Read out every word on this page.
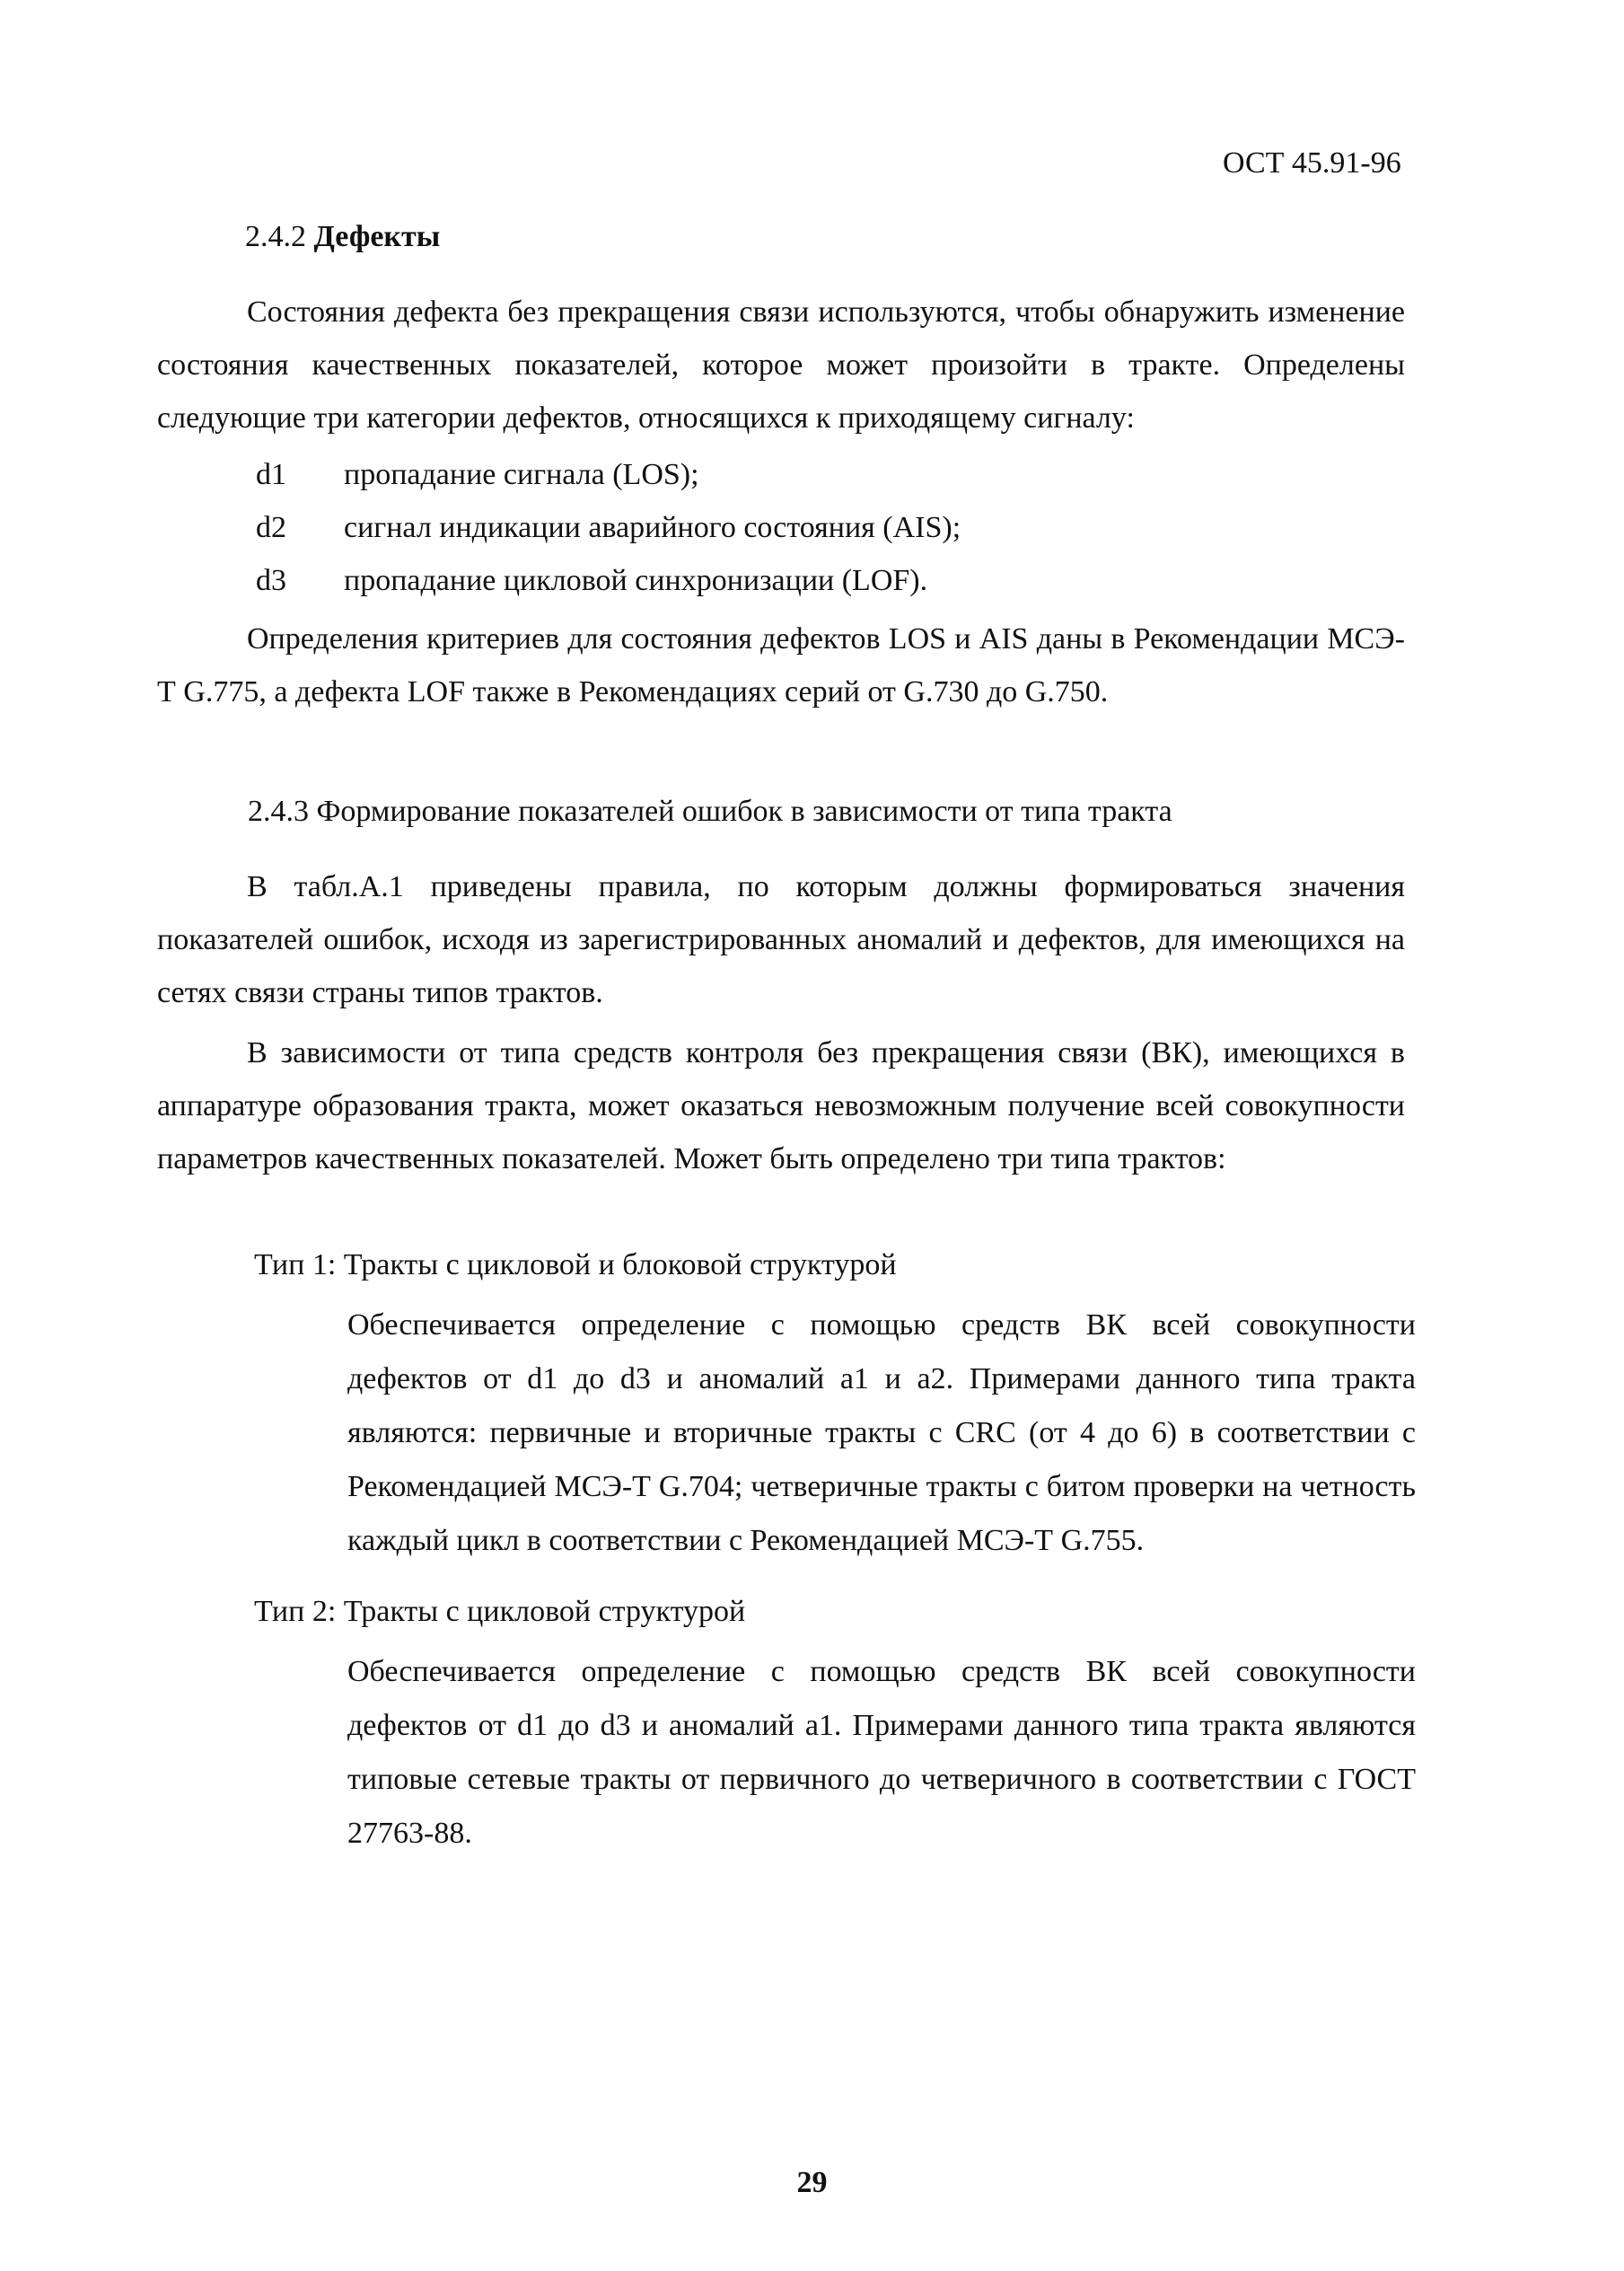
ОСТ 45.91-96
2.4.2 Дефекты
Состояния дефекта без прекращения связи используются, чтобы обнаружить изменение состояния качественных показателей, которое может произойти в тракте. Определены следующие три категории дефектов, относящихся к приходящему сигналу:
d1 пропадание сигнала (LOS);
d2 сигнал индикации аварийного состояния (AIS);
d3 пропадание цикловой синхронизации (LOF).
Определения критериев для состояния дефектов LOS и AIS даны в Рекомендации МСЭ-Т G.775, а дефекта LOF также в Рекомендациях серий от G.730 до G.750.
2.4.3 Формирование показателей ошибок в зависимости от типа тракта
В табл.А.1 приведены правила, по которым должны формироваться значения показателей ошибок, исходя из зарегистрированных аномалий и дефектов, для имеющихся на сетях связи страны типов трактов.
В зависимости от типа средств контроля без прекращения связи (ВК), имеющихся в аппаратуре образования тракта, может оказаться невозможным получение всей совокупности параметров качественных показателей. Может быть определено три типа трактов:
Тип 1: Тракты с цикловой и блоковой структурой
Обеспечивается определение с помощью средств ВК всей совокупности дефектов от d1 до d3 и аномалий a1 и a2. Примерами данного типа тракта являются: первичные и вторичные тракты с CRC (от 4 до 6) в соответствии с Рекомендацией МСЭ-Т G.704; четверичные тракты с битом проверки на четность каждый цикл в соответствии с Рекомендацией МСЭ-Т G.755.
Тип 2: Тракты с цикловой структурой
Обеспечивается определение с помощью средств ВК всей совокупности дефектов от d1 до d3 и аномалий a1. Примерами данного типа тракта являются типовые сетевые тракты от первичного до четверичного в соответствии с ГОСТ 27763-88.
29
